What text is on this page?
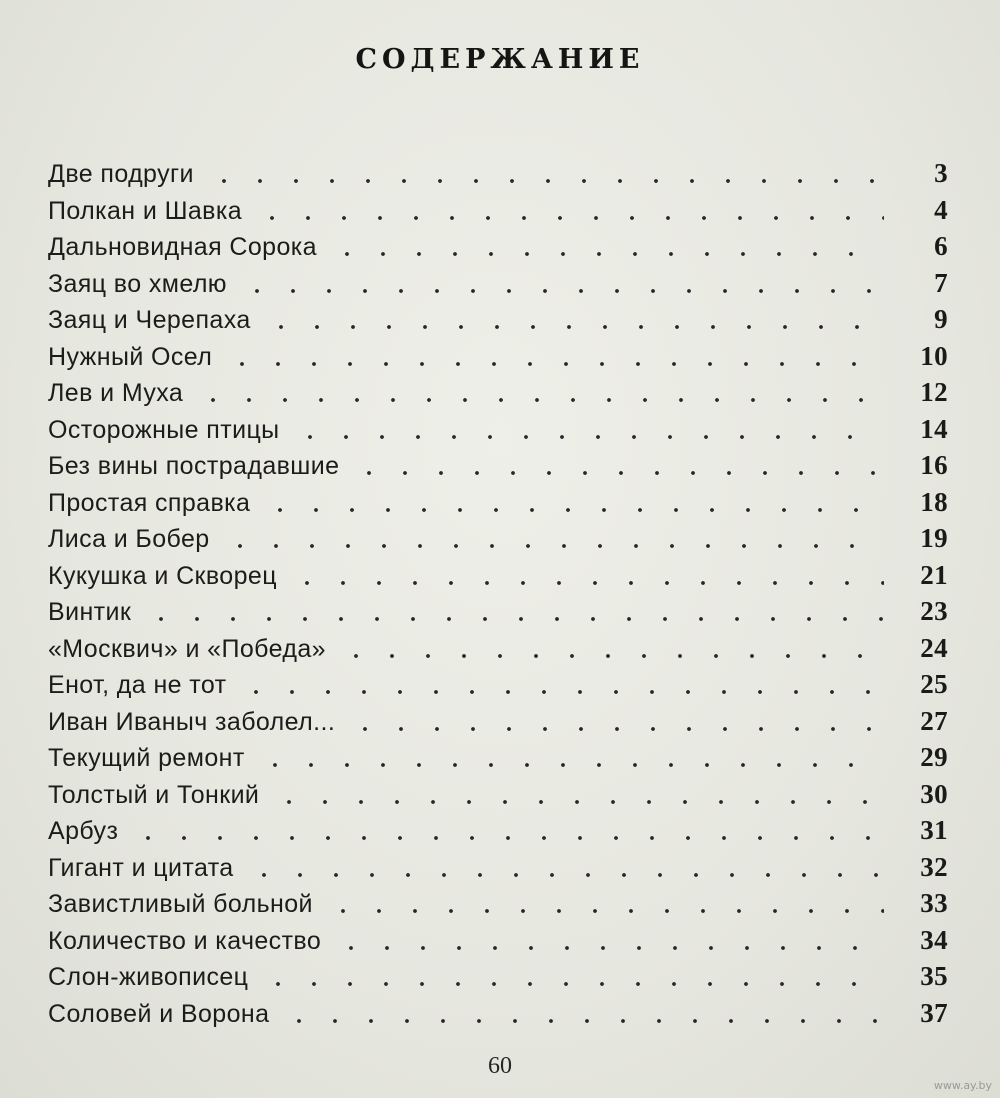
СОДЕРЖАНИЕ
Две подруги	3
Полкан и Шавка	4
Дальновидная Сорока	6
Заяц во хмелю	7
Заяц и Черепаха	9
Нужный Осел	10
Лев и Муха	12
Осторожные птицы	14
Без вины пострадавшие	16
Простая справка	18
Лиса и Бобер	19
Кукушка и Скворец	21
Винтик	23
«Москвич» и «Победа»	24
Енот, да не тот	25
Иван Иваныч заболел...	27
Текущий ремонт	29
Толстый и Тонкий	30
Арбуз	31
Гигант и цитата	32
Завистливый больной	33
Количество и качество	34
Слон-живописец	35
Соловей и Ворона	37
60
www.ay.by
